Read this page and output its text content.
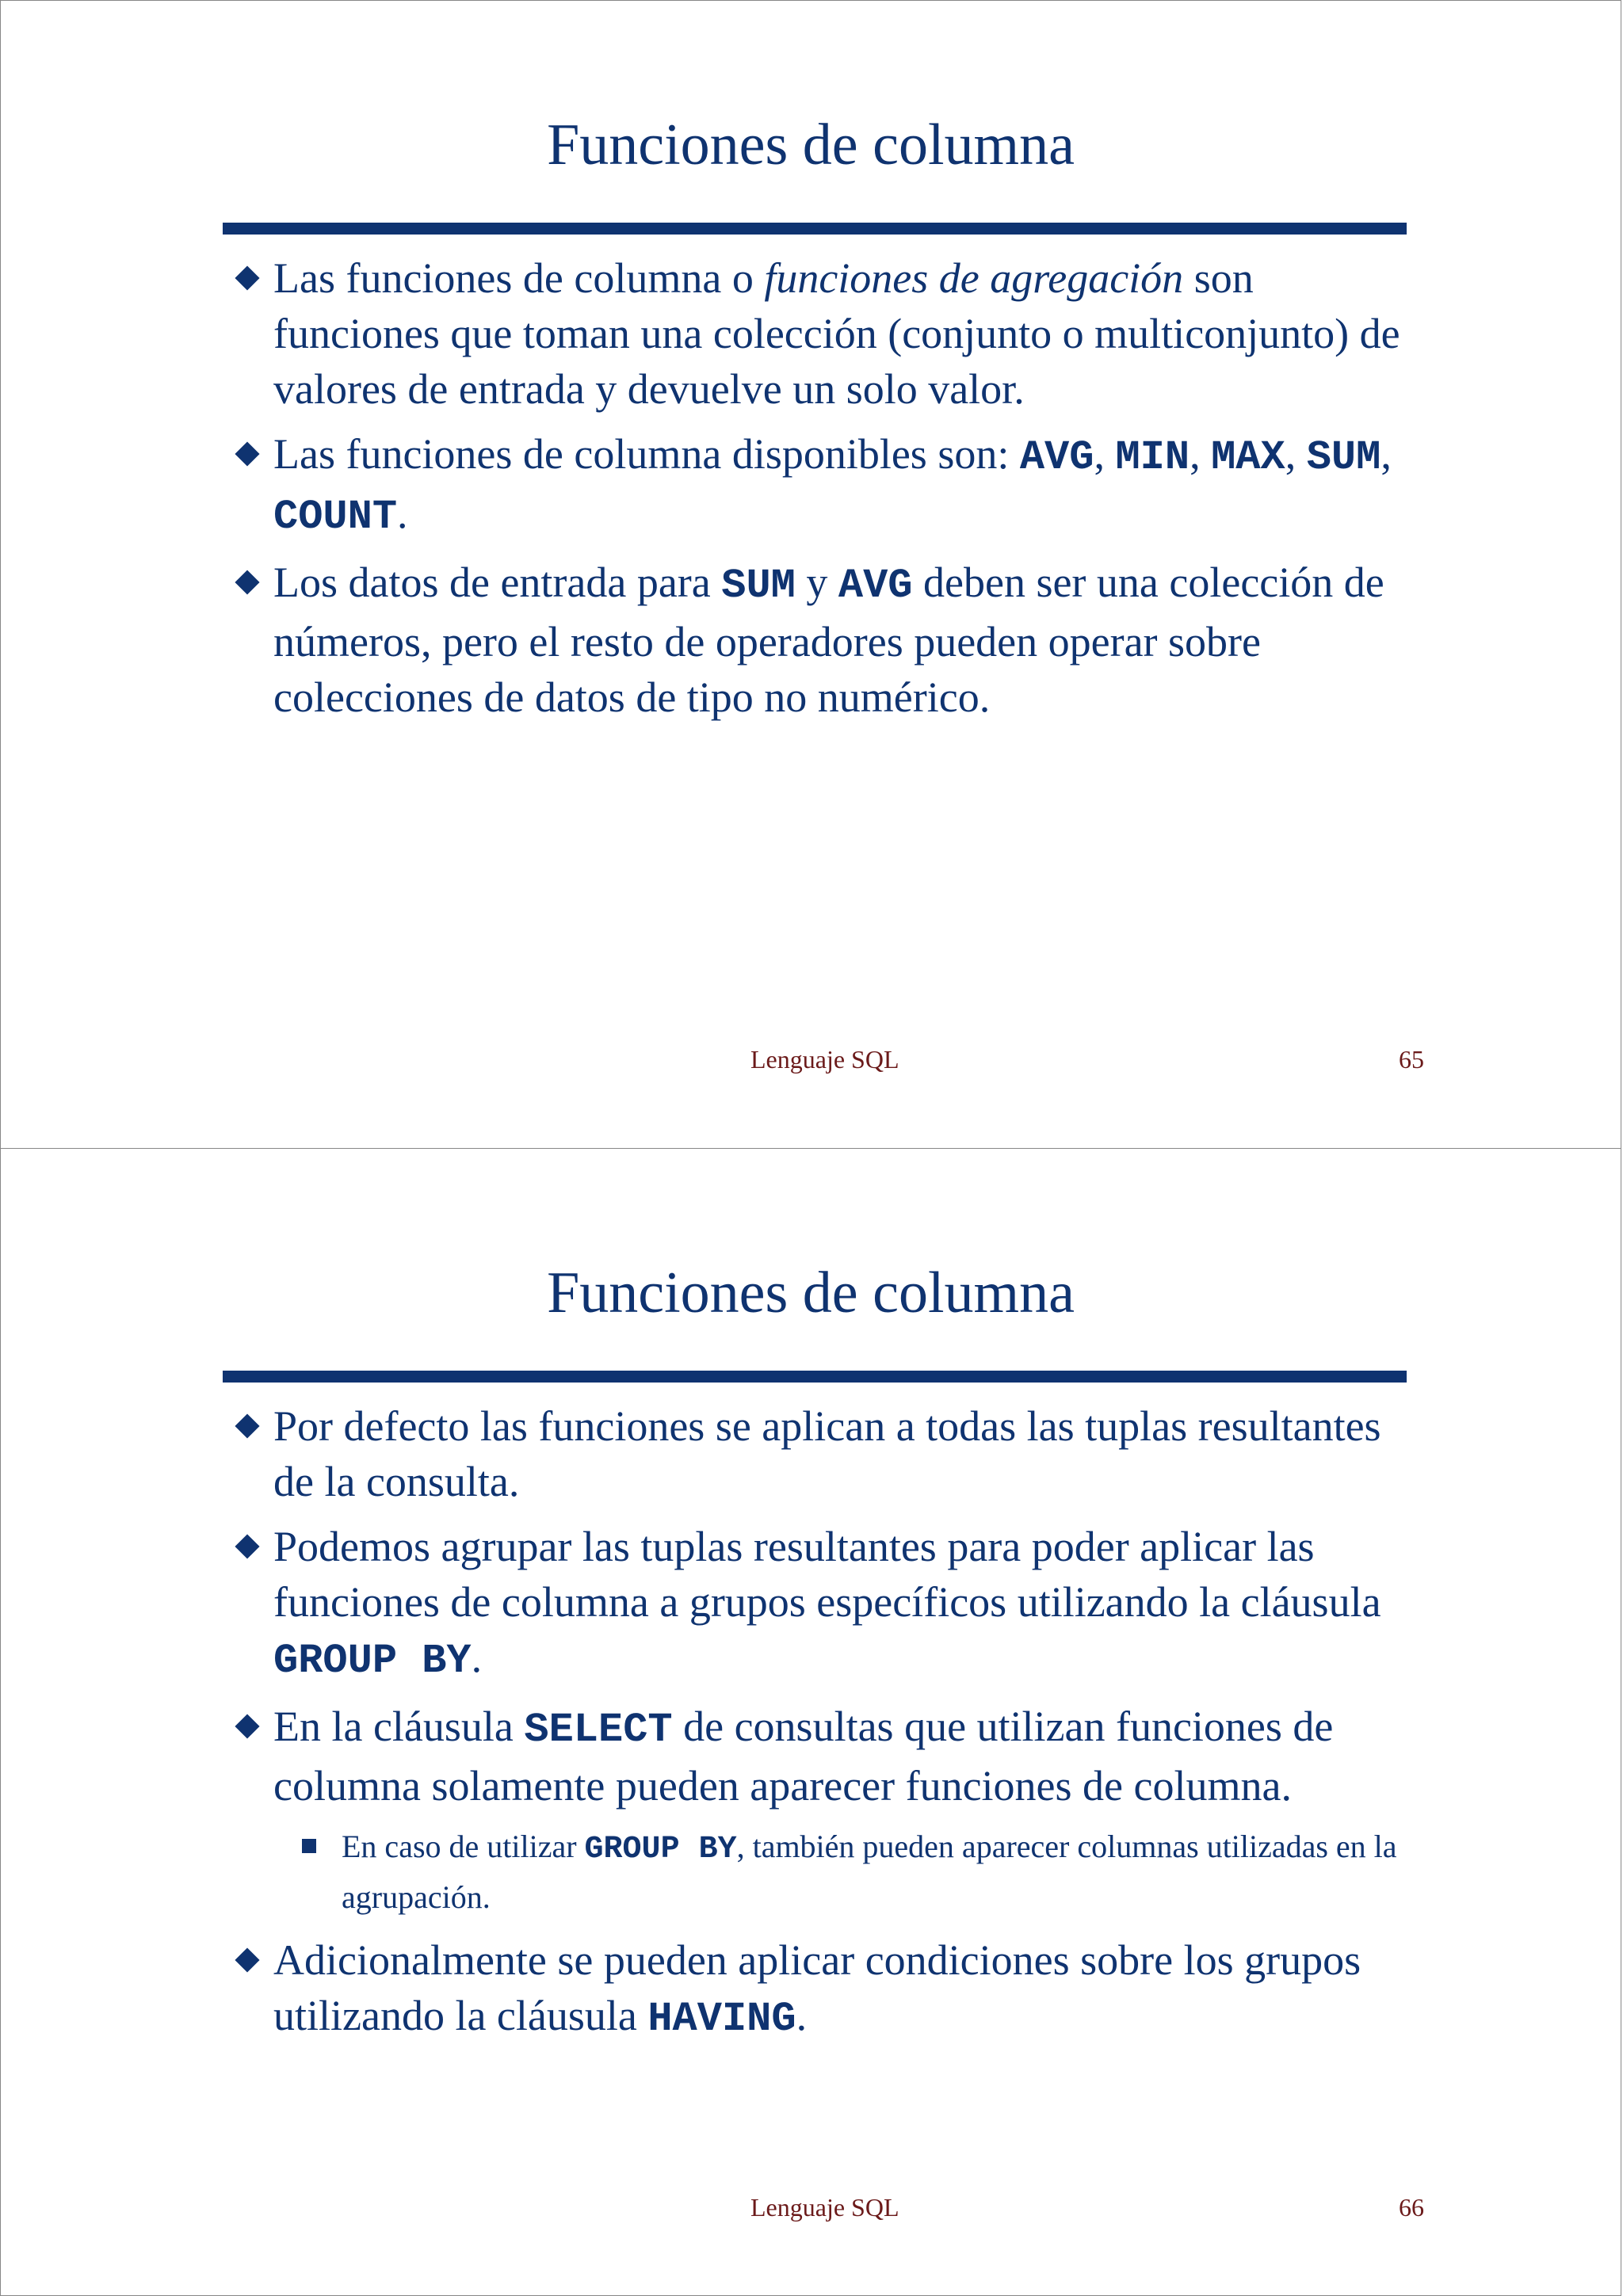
Funciones de columna
Las funciones de columna o funciones de agregación son funciones que toman una colección (conjunto o multiconjunto) de valores de entrada y devuelve un solo valor.
Las funciones de columna disponibles son: AVG, MIN, MAX, SUM, COUNT.
Los datos de entrada para SUM y AVG deben ser una colección de números, pero el resto de operadores pueden operar sobre colecciones de datos de tipo no numérico.
Lenguaje SQL	65
Funciones de columna
Por defecto las funciones se aplican a todas las tuplas resultantes de la consulta.
Podemos agrupar las tuplas resultantes para poder aplicar las funciones de columna a grupos específicos utilizando la cláusula GROUP BY.
En la cláusula SELECT de consultas que utilizan funciones de columna solamente pueden aparecer funciones de columna.
En caso de utilizar GROUP BY, también pueden aparecer columnas utilizadas en la agrupación.
Adicionalmente se pueden aplicar condiciones sobre los grupos utilizando la cláusula HAVING.
Lenguaje SQL	66
